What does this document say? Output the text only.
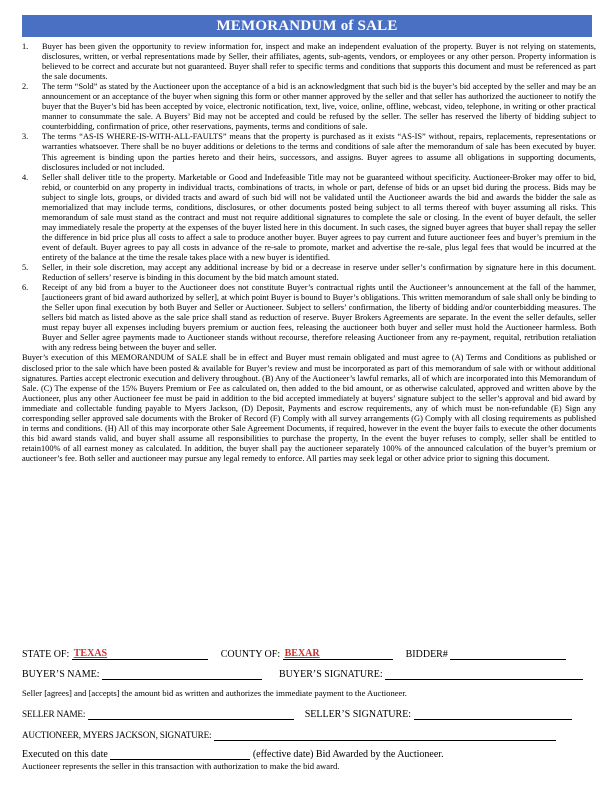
MEMORANDUM of SALE
1.	Buyer has been given the opportunity to review information for, inspect and make an independent evaluation of the property. Buyer is not relying on statements, disclosures, written, or verbal representations made by Seller, their affiliates, agents, sub-agents, vendors, or employees or any other person. Property information is believed to be correct and accurate but not guaranteed. Buyer shall refer to specific terms and conditions that supports this document and must be referenced as part the sale documents.
2.	The term “Sold” as stated by the Auctioneer upon the acceptance of a bid is an acknowledgment that such bid is the buyer’s bid accepted by the seller and may be an announcement or an acceptance of the buyer when signing this form or other manner approved by the seller and that seller has authorized the auctioneer to notify the buyer that the Buyer’s bid has been accepted by voice, electronic notification, text, live, voice, online, offline, webcast, video, telephone, in writing or other practical manner to consummate the sale. A Buyers’ Bid may not be accepted and could be refused by the seller. The seller has reserved the liberty of bidding subject to counterbidding, confirmation of price, other reservations, payments, terms and conditions of sale.
3.	The terms “AS-IS WHERE-IS-WITH-ALL-FAULTS” means that the property is purchased as it exists “AS-IS” without, repairs, replacements, representations or warranties whatsoever. There shall be no buyer additions or deletions to the terms and conditions of sale after the memorandum of sale has been executed by buyer. This agreement is binding upon the parties hereto and their heirs, successors, and assigns. Buyer agrees to assume all obligations in supporting documents, disclosures included or not included.
4.	Seller shall deliver title to the property. Marketable or Good and Indefeasible Title may not be guaranteed without specificity. Auctioneer-Broker may offer to bid, rebid, or counterbid on any property in individual tracts, combinations of tracts, in whole or part, defense of bids or an upset bid during the process. Bids may be subject to single lots, groups, or divided tracts and award of such bid will not be validated until the Auctioneer awards the bid and awards the bidder the sale as memorialized that may include terms, conditions, disclosures, or other documents posted being subject to all terms thereof with buyer assuming all risks. This memorandum of sale must stand as the contract and must not require additional signatures to complete the sale or closing. In the event of buyer default, the seller may immediately resale the property at the expenses of the buyer listed here in this document. In such cases, the signed buyer agrees that buyer shall repay the seller the difference in bid price plus all costs to affect a sale to produce another buyer. Buyer agrees to pay current and future auctioneer fees and buyer’s premium in the event of default. Buyer agrees to pay all costs in advance of the re-sale to promote, market and advertise the re-sale, plus legal fees that would be incurred at the entirety of the balance at the time the resale takes place with a new buyer is identified.
5.	Seller, in their sole discretion, may accept any additional increase by bid or a decrease in reserve under seller’s confirmation by signature here in this document. Reduction of sellers’ reserve is binding in this document by the bid match amount stated.
6.	Receipt of any bid from a buyer to the Auctioneer does not constitute Buyer’s contractual rights until the Auctioneer’s announcement at the fall of the hammer, [auctioneers grant of bid award authorized by seller], at which point Buyer is bound to Buyer’s obligations. This written memorandum of sale shall only be binding to the Seller upon final execution by both Buyer and Seller or Auctioneer. Subject to sellers’ confirmation, the liberty of bidding and/or counterbidding measures. The sellers bid match as listed above as the sale price shall stand as reduction of reserve. Buyer Brokers Agreements are separate. In the event the seller defaults, seller must repay buyer all expenses including buyers premium or auction fees, releasing the auctioneer both buyer and seller must hold the Auctioneer harmless. Both Buyer and Seller agree payments made to Auctioneer stands without recourse, therefore releasing Auctioneer from any re-payment, requital, retribution retaliation with any redress being between the buyer and seller.

Buyer’s execution of this MEMORANDUM of SALE shall be in effect and Buyer must remain obligated and must agree to (A) Terms and Conditions as published or disclosed prior to the sale which have been posted & available for Buyer’s review and must be incorporated as part of this memorandum of sale with or without additional signatures. Parties accept electronic execution and delivery throughout. (B) Any of the Auctioneer’s lawful remarks, all of which are incorporated into this Memorandum of Sale. (C) The expense of the 15% Buyers Premium or Fee as calculated on, then added to the bid amount, or as otherwise calculated, approved and written above by the Auctioneer, plus any other Auctioneer fee must be paid in addition to the bid accepted immediately at buyers’ signature subject to the seller’s approval and bid award by immediate and collectable funding payable to Myers Jackson, (D) Deposit, Payments and escrow requirements, any of which must be non-refundable (E) Sign any corresponding seller approved sale documents with the Broker of Record (F) Comply with all survey arrangements (G) Comply with all closing requirements as published in terms and conditions. (H) All of this may incorporate other Sale Agreement Documents, if required, however in the event the buyer fails to execute the other documents this bid award stands valid, and buyer shall assume all responsibilities to purchase the property, In the event the buyer refuses to comply, seller shall be entitled to retain100% of all earnest money as calculated. In addition, the buyer shall pay the auctioneer separately 100% of the announced calculation of the buyer’s premium or auctioneer’s fee. Both seller and auctioneer may pursue any legal remedy to enforce. All parties may seek legal or other advice prior to signing this document.

STATE OF: TEXAS	COUNTY OF: BEXAR	BIDDER#
BUYER’S NAME:	BUYER’S SIGNATURE:
Seller [agrees] and [accepts] the amount bid as written and authorizes the immediate payment to the Auctioneer.
SELLER NAME:	SELLER’S SIGNATURE:
AUCTIONEER, MYERS JACKSON, SIGNATURE:
Executed on this date	(effective date) Bid Awarded by the Auctioneer.
Auctioneer represents the seller in this transaction with authorization to make the bid award.
